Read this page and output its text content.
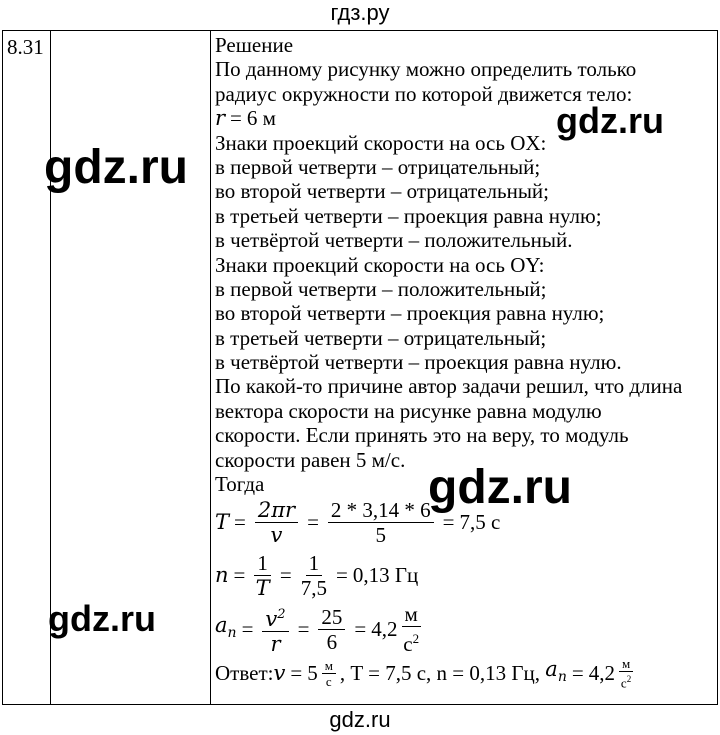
гдз.ру
8.31	Решение
По данному рисунку можно определить только
радиус окружности по которой движется тело:
r = 6 м
Знаки проекций скорости на ось OX:
в первой четверти – отрицательный;
во второй четверти – отрицательный;
в третьей четверти – проекция равна нулю;
в четвёртой четверти – положительный.
Знаки проекций скорости на ось OY:
в первой четверти – положительный;
во второй четверти – проекция равна нулю;
в третьей четверти – отрицательный;
в четвёртой четверти – проекция равна нулю.
По какой-то причине автор задачи решил, что длина
вектора скорости на рисунке равна модулю
скорости. Если принять это на веру, то модуль
скорости равен 5 м/с.
Тогда
$T = \frac{2\pi r}{v} = \frac{2 * 3,14 * 6}{5} = 7,5$ с
$n = \frac{1}{T} = \frac{1}{7,5} = 0,13$ Гц
$a_n = \frac{v^2}{r} = \frac{25}{6} = 4,2 \frac{м}{с^2}$
Ответ: $v = 5 \frac{м}{с}$ , T = 7,5 с , n = 0,13 Гц , $a_n = 4,2 \frac{м}{с^2}$
gdz.ru
gdz.ru
gdz.ru
gdz.ru
gdz.ru
